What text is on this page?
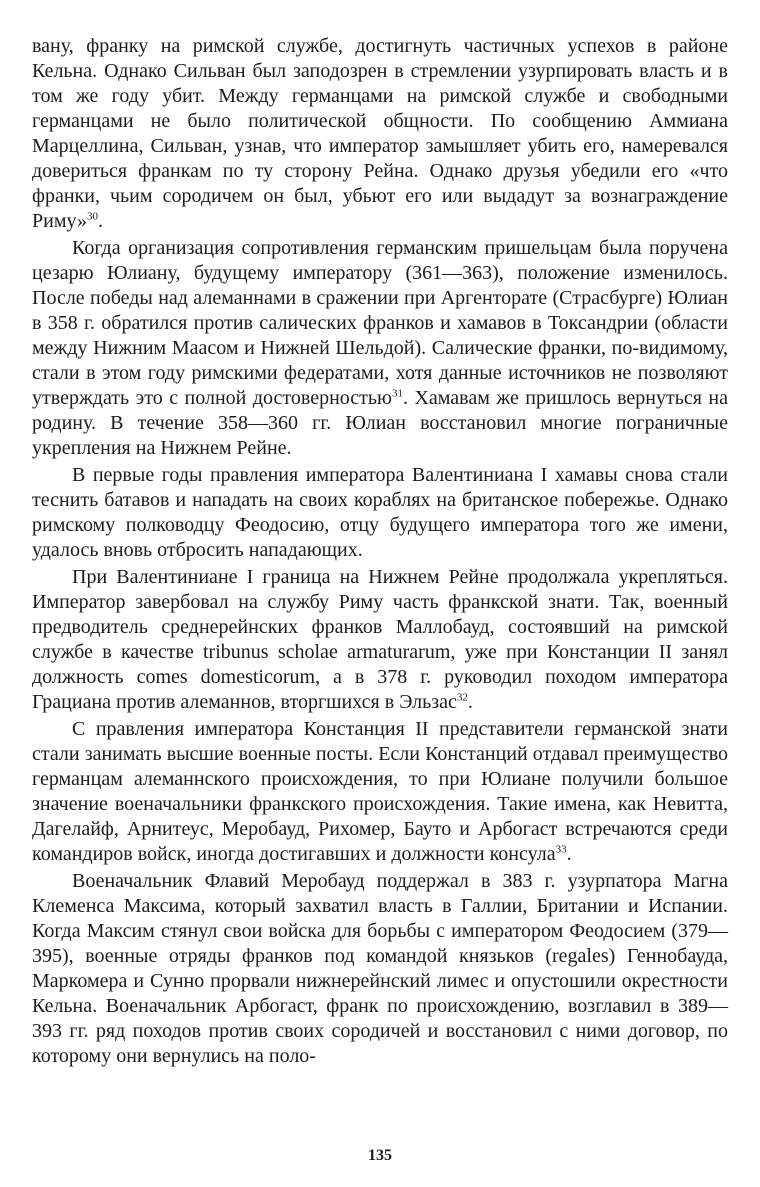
вану, франку на римской службе, достигнуть частичных успехов в районе Кельна. Однако Сильван был заподозрен в стремлении узурпировать власть и в том же году убит. Между германцами на римской службе и свободными германцами не было политической общности. По сообщению Аммиана Марцеллина, Сильван, узнав, что император замышляет убить его, намеревался довериться франкам по ту сторону Рейна. Однако друзья убедили его «что франки, чьим сородичем он был, убьют его или выдадут за вознаграждение Риму»$^{30}$.

Когда организация сопротивления германским пришельцам была поручена цезарю Юлиану, будущему императору (361—363), положение изменилось. После победы над алеманнами в сражении при Аргенторате (Страсбурге) Юлиан в 358 г. обратился против салических франков и хамавов в Токсандрии (области между Нижним Маасом и Нижней Шельдой). Салические франки, по-видимому, стали в этом году римскими федератами, хотя данные источников не позволяют утверждать это с полной достоверностью$^{31}$. Хамавам же пришлось вернуться на родину. В течение 358—360 гг. Юлиан восстановил многие пограничные укрепления на Нижнем Рейне.

В первые годы правления императора Валентиниана I хамавы снова стали теснить батавов и нападать на своих кораблях на британское побережье. Однако римскому полководцу Феодосию, отцу будущего императора того же имени, удалось вновь отбросить нападающих.

При Валентиниане I граница на Нижнем Рейне продолжала укрепляться. Император завербовал на службу Риму часть франкской знати. Так, военный предводитель среднерейнских франков Маллобауд, состоявший на римской службе в качестве tribunus scholae armaturarum, уже при Констанции II занял должность comes domesticorum, а в 378 г. руководил походом императора Грациана против алеманнов, вторгшихся в Эльзас$^{32}$.

С правления императора Констанция II представители германской знати стали занимать высшие военные посты. Если Констанций отдавал преимущество германцам алеманнского происхождения, то при Юлиане получили большое значение военачальники франкского происхождения. Такие имена, как Невитта, Дагелайф, Арнитеус, Меробауд, Рихомер, Бауто и Арбогаст встречаются среди командиров войск, иногда достигавших и должности консула$^{33}$.

Военачальник Флавий Меробауд поддержал в 383 г. узурпатора Магна Клеменса Максима, который захватил власть в Галлии, Британии и Испании. Когда Максим стянул свои войска для борьбы с императором Феодосием (379—395), военные отряды франков под командой князьков (regales) Геннобауда, Маркомера и Сунно прорвали нижнерейнский лимес и опустошили окрестности Кельна. Военачальник Арбогаст, франк по происхождению, возглавил в 389—393 гг. ряд походов против своих сородичей и восстановил с ними договор, по которому они вернулись на поло-

135
